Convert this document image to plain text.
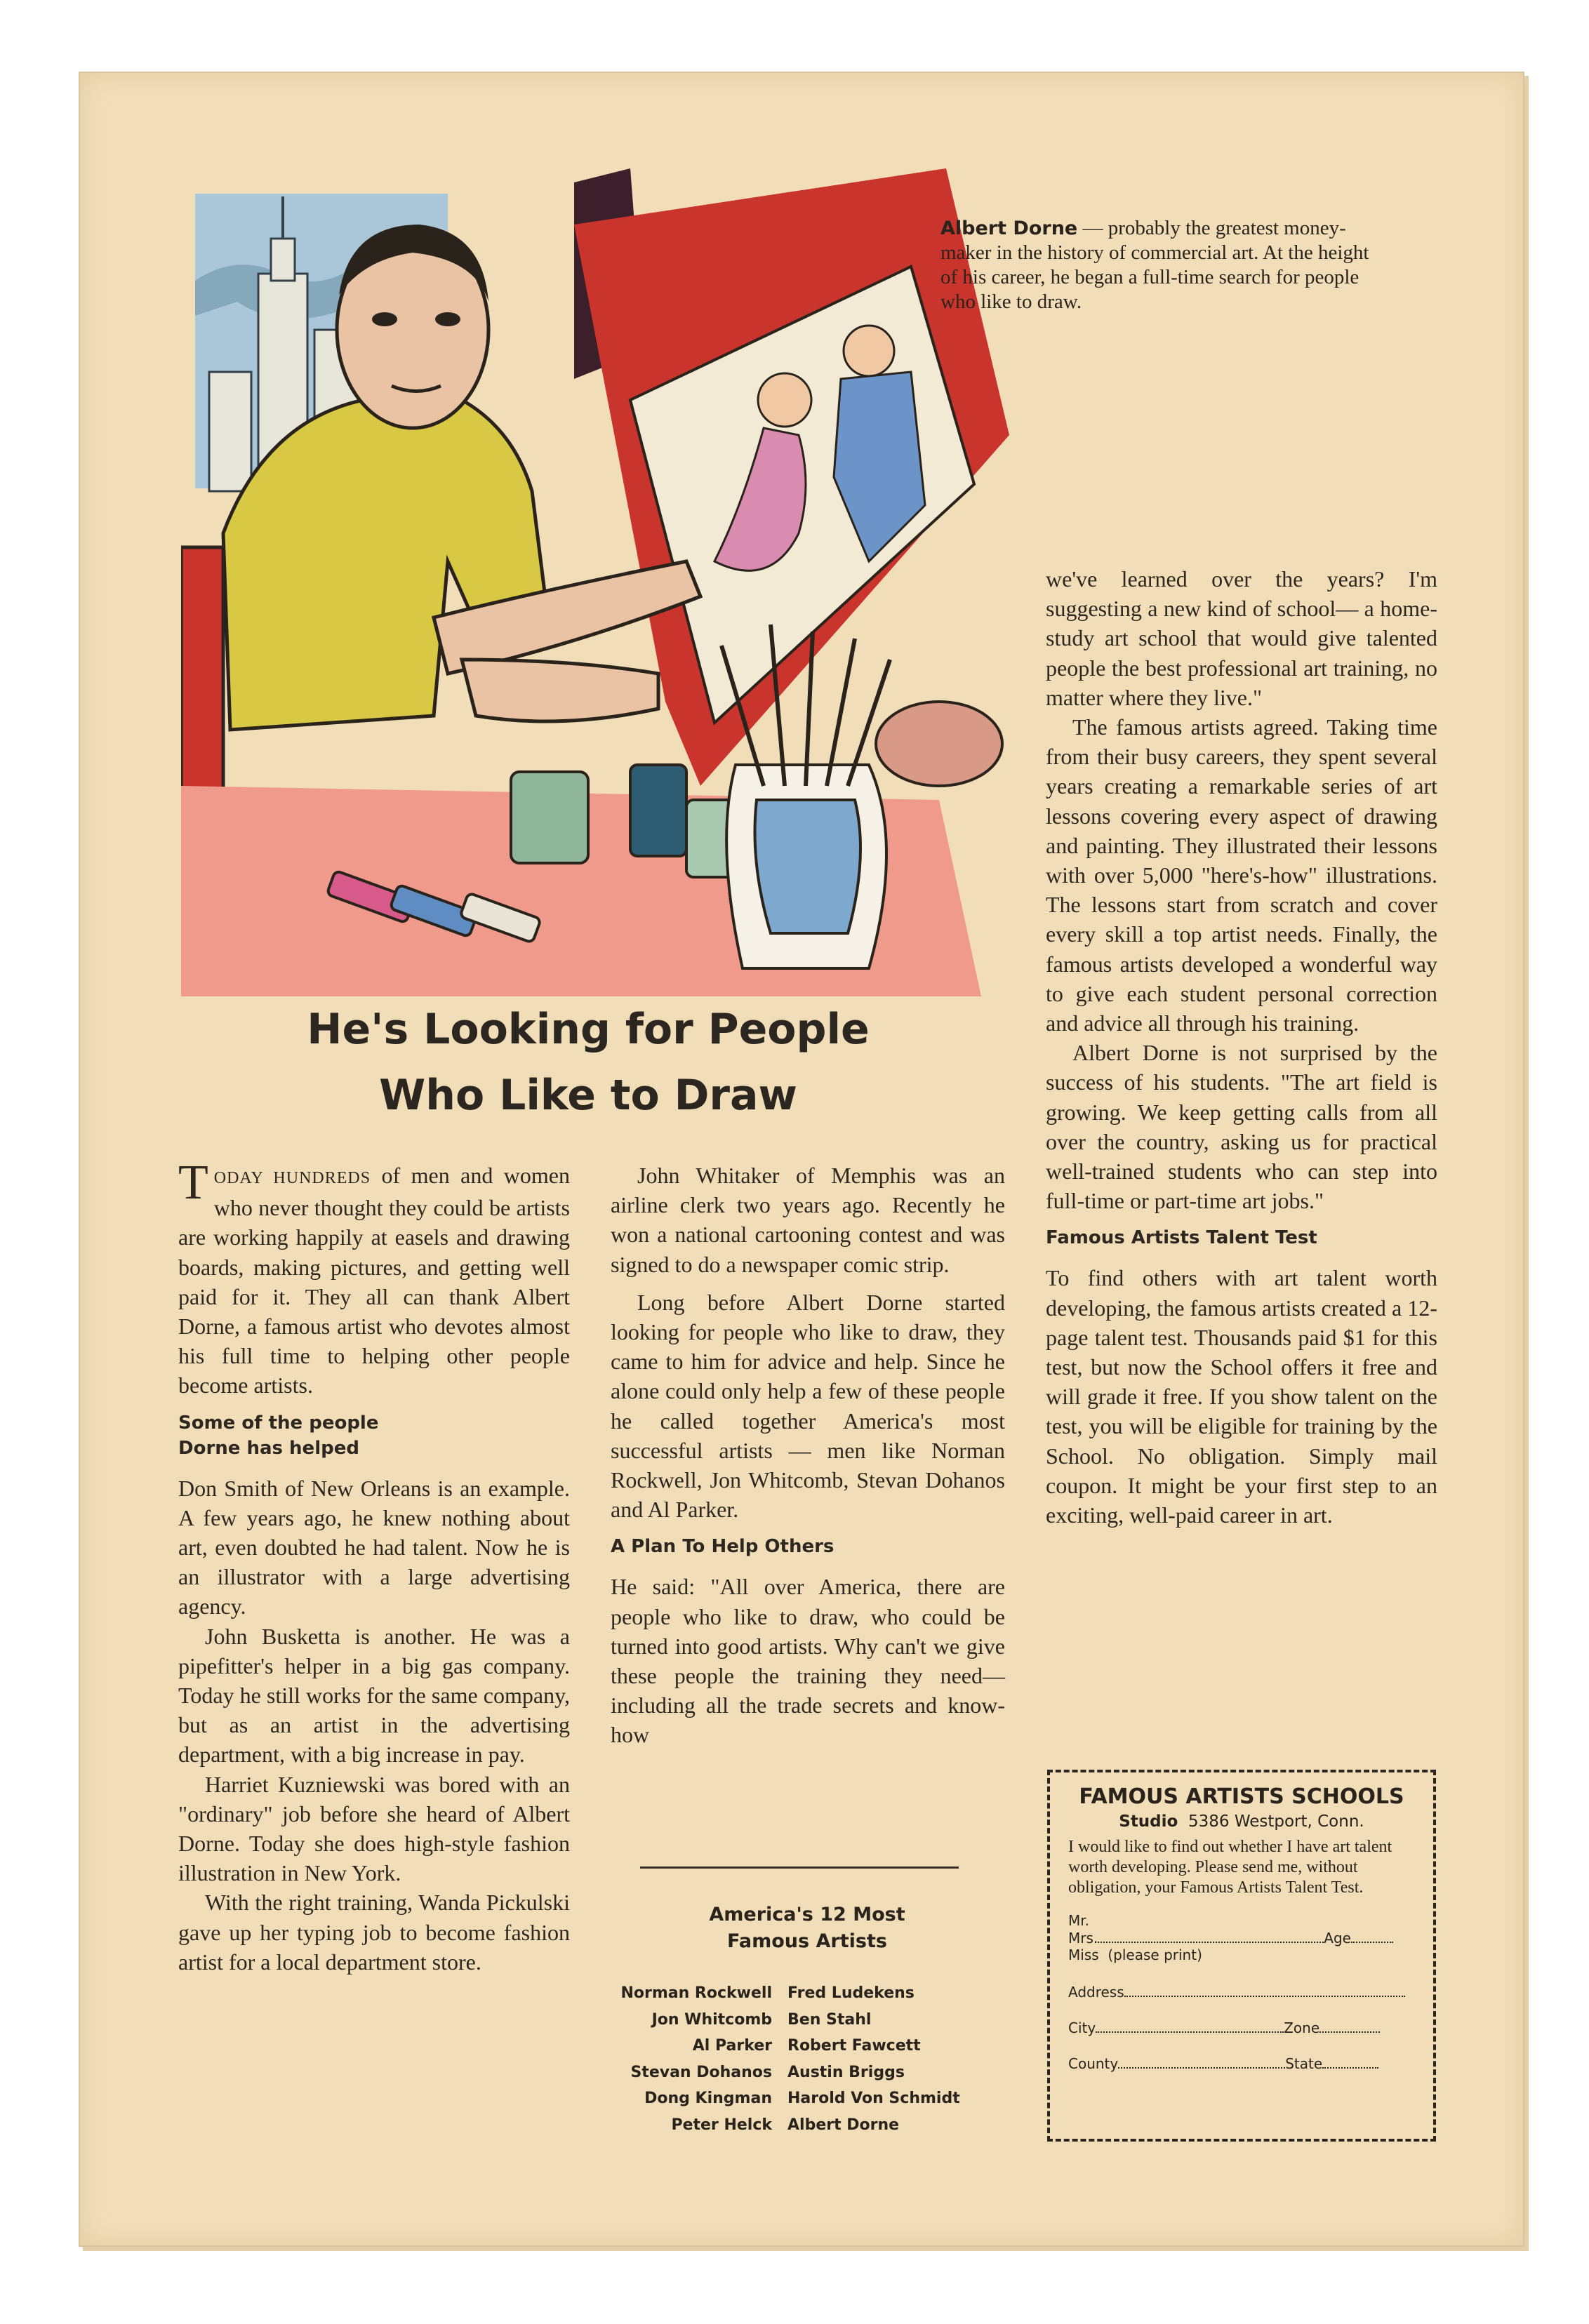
Albert Dorne — probably the greatest money-maker in the history of commercial art. At the height of his career, he began a full-time search for people who like to draw.
He's Looking for People
Who Like to Draw

TODAY HUNDREDS of men and women who never thought they could be artists are working happily at easels and drawing boards, making pictures, and getting well paid for it. They all can thank Albert Dorne, a famous artist who devotes almost his full time to helping other people become artists.

Some of the people
Dorne has helped

Don Smith of New Orleans is an example. A few years ago, he knew nothing about art, even doubted he had talent. Now he is an illustrator with a large advertising agency.

John Busketta is another. He was a pipefitter's helper in a big gas company. Today he still works for the same company, but as an artist in the advertising department, with a big increase in pay.

Harriet Kuzniewski was bored with an "ordinary" job before she heard of Albert Dorne. Today she does high-style fashion illustration in New York.

With the right training, Wanda Pickulski gave up her typing job to become fashion artist for a local department store.

John Whitaker of Memphis was an airline clerk two years ago. Recently he won a national cartooning contest and was signed to do a newspaper comic strip.

Long before Albert Dorne started looking for people who like to draw, they came to him for advice and help. Since he alone could only help a few of these people he called together America's most successful artists — men like Norman Rockwell, Jon Whitcomb, Stevan Dohanos and Al Parker.

A Plan To Help Others

He said: "All over America, there are people who like to draw, who could be turned into good artists. Why can't we give these people the training they need—including all the trade secrets and know-how

America's 12 Most
Famous Artists
Norman Rockwell	Fred Ludekens
Jon Whitcomb	Ben Stahl
Al Parker	Robert Fawcett
Stevan Dohanos	Austin Briggs
Dong Kingman	Harold Von Schmidt
Peter Helck	Albert Dorne

we've learned over the years? I'm suggesting a new kind of school— a home-study art school that would give talented people the best professional art training, no matter where they live."

The famous artists agreed. Taking time from their busy careers, they spent several years creating a remarkable series of art lessons covering every aspect of drawing and painting. They illustrated their lessons with over 5,000 "here's-how" illustrations. The lessons start from scratch and cover every skill a top artist needs. Finally, the famous artists developed a wonderful way to give each student personal correction and advice all through his training.

Albert Dorne is not surprised by the success of his students. "The art field is growing. We keep getting calls from all over the country, asking us for practical well-trained students who can step into full-time or part-time art jobs."

Famous Artists Talent Test

To find others with art talent worth developing, the famous artists created a 12-page talent test. Thousands paid $1 for this test, but now the School offers it free and will grade it free. If you show talent on the test, you will be eligible for training by the School. No obligation. Simply mail coupon. It might be your first step to an exciting, well-paid career in art.

FAMOUS ARTISTS SCHOOLS
Studio 5386 Westport, Conn.
I would like to find out whether I have art talent worth developing. Please send me, without obligation, your Famous Artists Talent Test.
Mr.
Mrs.	Age
Miss (please print)
Address
City	Zone
County	State
